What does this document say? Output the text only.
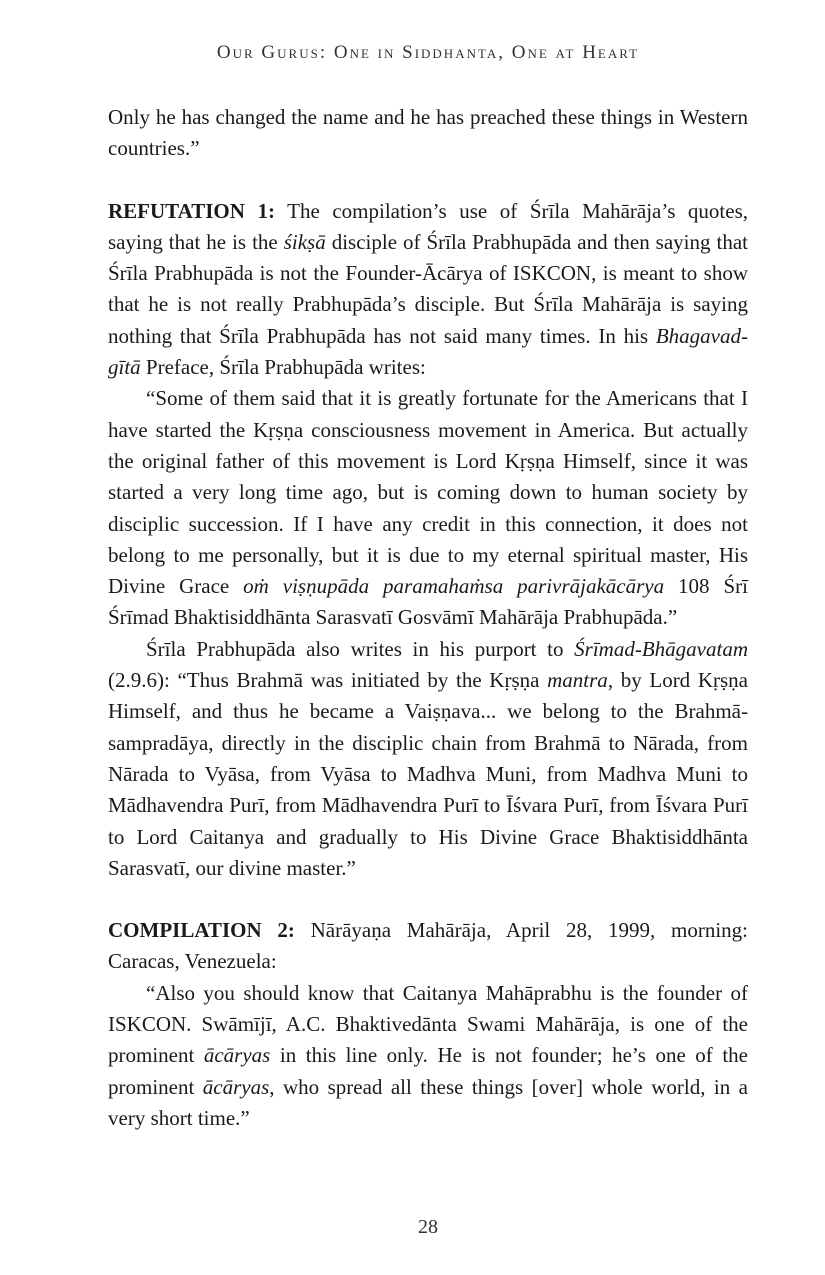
Our Gurus: One in Siddhanta, One at Heart

Only he has changed the name and he has preached these things in Western countries.”

REFUTATION 1: The compilation’s use of Śrīla Mahārāja’s quotes, saying that he is the śikṣā disciple of Śrīla Prabhupāda and then saying that Śrīla Prabhupāda is not the Founder-Ācārya of ISKCON, is meant to show that he is not really Prabhupāda’s disciple. But Śrīla Mahārāja is saying nothing that Śrīla Prabhupāda has not said many times. In his Bhagavad-gītā Preface, Śrīla Prabhupāda writes:

“Some of them said that it is greatly fortunate for the Americans that I have started the Kṛṣṇa consciousness movement in America. But actually the original father of this movement is Lord Kṛṣṇa Himself, since it was started a very long time ago, but is coming down to human society by disciplic succession. If I have any credit in this connection, it does not belong to me personally, but it is due to my eternal spiritual master, His Divine Grace oṁ viṣṇupāda paramahaṁsa parivrājakācārya 108 Śrī Śrīmad Bhaktisiddhānta Sarasvatī Gosvāmī Mahārāja Prabhupāda.”

Śrīla Prabhupāda also writes in his purport to Śrīmad-Bhāgavatam (2.9.6): “Thus Brahmā was initiated by the Kṛṣṇa mantra, by Lord Kṛṣṇa Himself, and thus he became a Vaiṣṇava... we belong to the Brahmā-sampradāya, directly in the disciplic chain from Brahmā to Nārada, from Nārada to Vyāsa, from Vyāsa to Madhva Muni, from Madhva Muni to Mādhavendra Purī, from Mādhavendra Purī to Īśvara Purī, from Īśvara Purī to Lord Caitanya and gradually to His Divine Grace Bhaktisiddhānta Sarasvatī, our divine master.”

COMPILATION 2: Nārāyaṇa Mahārāja, April 28, 1999, morning: Caracas, Venezuela:

“Also you should know that Caitanya Mahāprabhu is the founder of ISKCON. Swāmījī, A.C. Bhaktivedānta Swami Mahārāja, is one of the prominent ācāryas in this line only. He is not founder; he’s one of the prominent ācāryas, who spread all these things [over] whole world, in a very short time.”

28
